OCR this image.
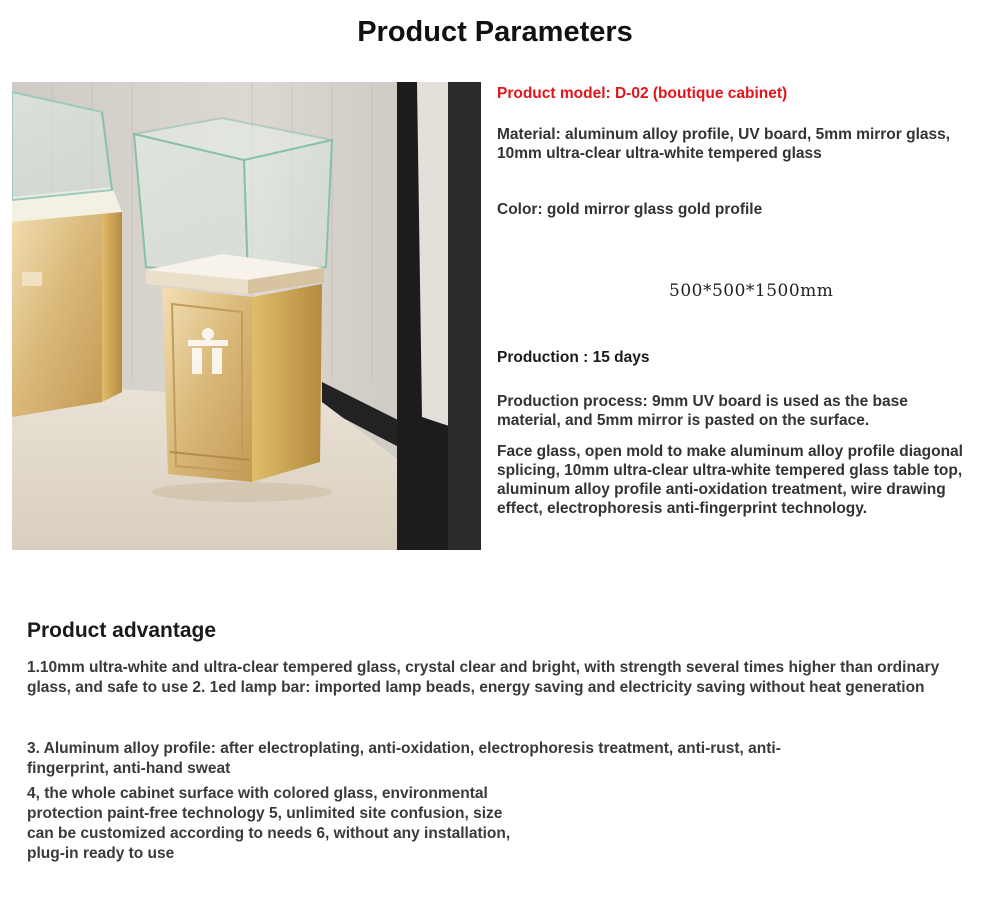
Product Parameters

Product model: D-02 (boutique cabinet)

Material: aluminum alloy profile, UV board, 5mm mirror glass, 10mm ultra-clear ultra-white tempered glass

Color: gold mirror glass gold profile

500*500*1500mm

Production : 15 days

Production process: 9mm UV board is used as the base material, and 5mm mirror is pasted on the surface.

Face glass, open mold to make aluminum alloy profile diagonal splicing, 10mm ultra-clear ultra-white tempered glass table top, aluminum alloy profile anti-oxidation treatment, wire drawing effect, electrophoresis anti-fingerprint technology.

Product advantage

1.10mm ultra-white and ultra-clear tempered glass, crystal clear and bright, with strength several times higher than ordinary glass, and safe to use 2. 1ed lamp bar: imported lamp beads, energy saving and electricity saving without heat generation

3. Aluminum alloy profile: after electroplating, anti-oxidation, electrophoresis treatment, anti-rust, anti-fingerprint, anti-hand sweat

4, the whole cabinet surface with colored glass, environmental protection paint-free technology 5, unlimited site confusion, size can be customized according to needs 6, without any installation, plug-in ready to use
